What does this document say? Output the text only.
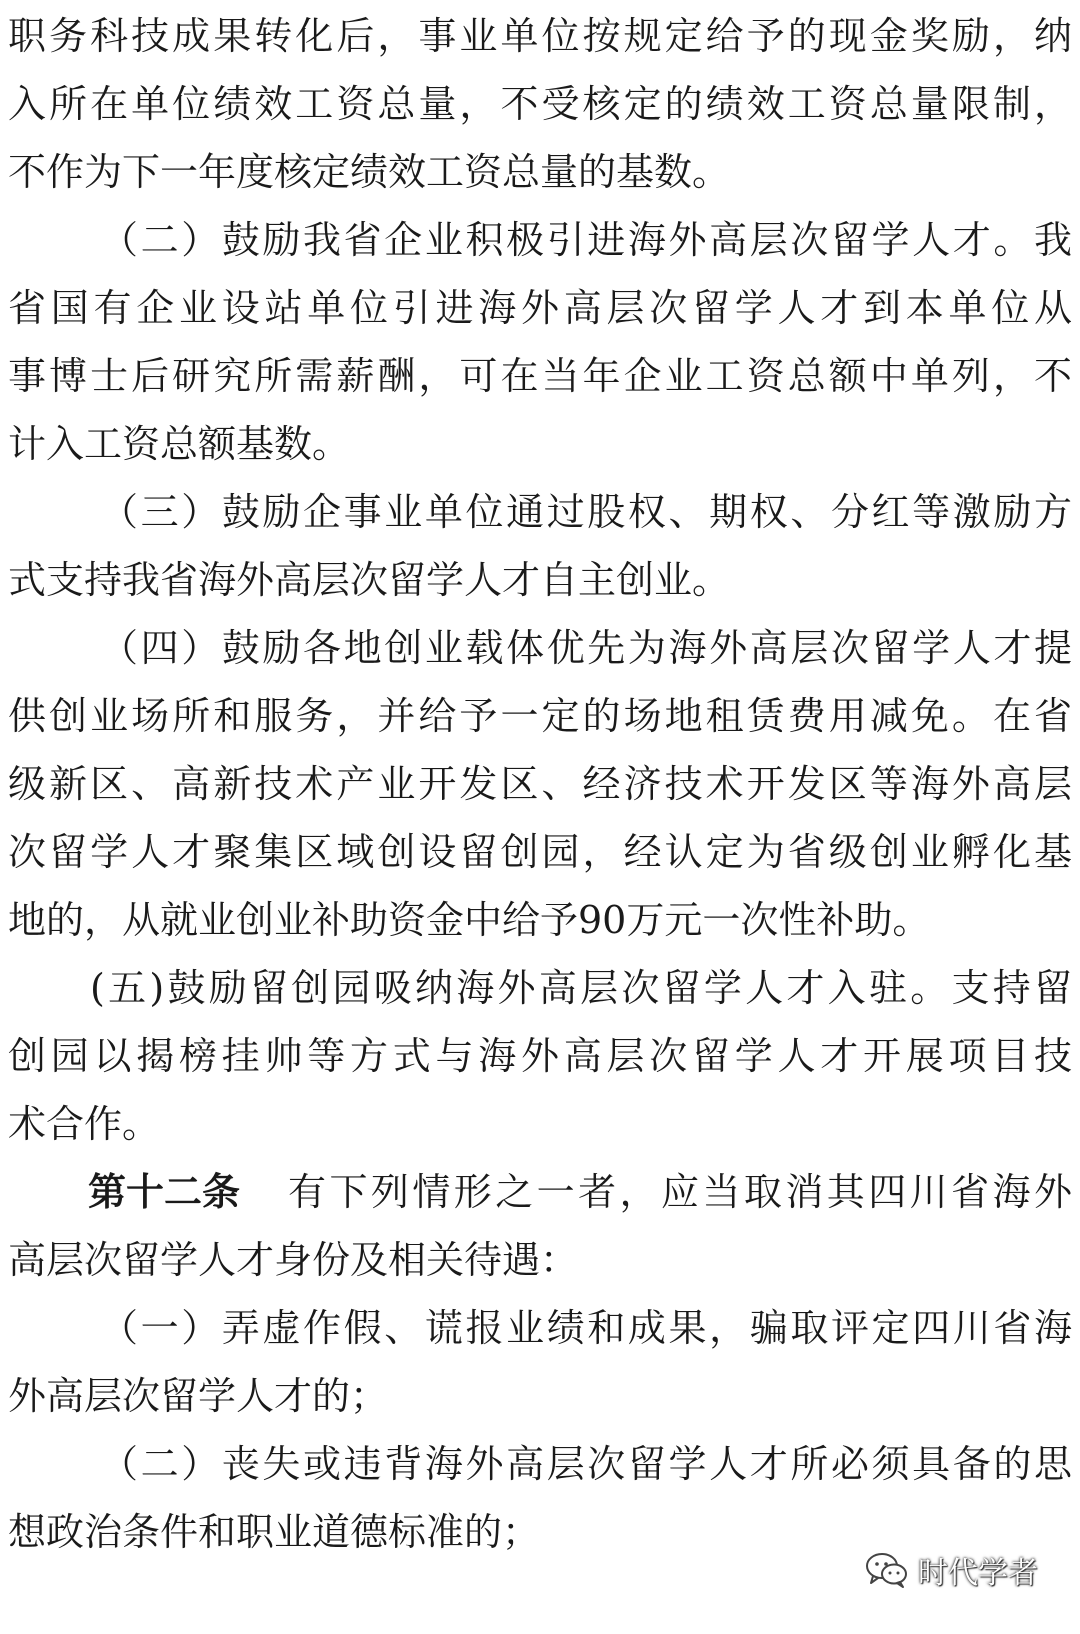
职务科技成果转化后，事业单位按规定给予的现金奖励，纳
入所在单位绩效工资总量，不受核定的绩效工资总量限制，
不作为下一年度核定绩效工资总量的基数。
（二）鼓励我省企业积极引进海外高层次留学人才。我
省国有企业设站单位引进海外高层次留学人才到本单位从
事博士后研究所需薪酬，可在当年企业工资总额中单列，不
计入工资总额基数。
（三）鼓励企事业单位通过股权、期权、分红等激励方
式支持我省海外高层次留学人才自主创业。
（四）鼓励各地创业载体优先为海外高层次留学人才提
供创业场所和服务，并给予一定的场地租赁费用减免。在省
级新区、高新技术产业开发区、经济技术开发区等海外高层
次留学人才聚集区域创设留创园，经认定为省级创业孵化基
地的，从就业创业补助资金中给予90万元一次性补助。
(五)鼓励留创园吸纳海外高层次留学人才入驻。支持留
创园以揭榜挂帅等方式与海外高层次留学人才开展项目技
术合作。
第十二条	有下列情形之一者，应当取消其四川省海外
高层次留学人才身份及相关待遇：
（一）弄虚作假、谎报业绩和成果，骗取评定四川省海
外高层次留学人才的；
（二）丧失或违背海外高层次留学人才所必须具备的思
想政治条件和职业道德标准的；
时代学者
